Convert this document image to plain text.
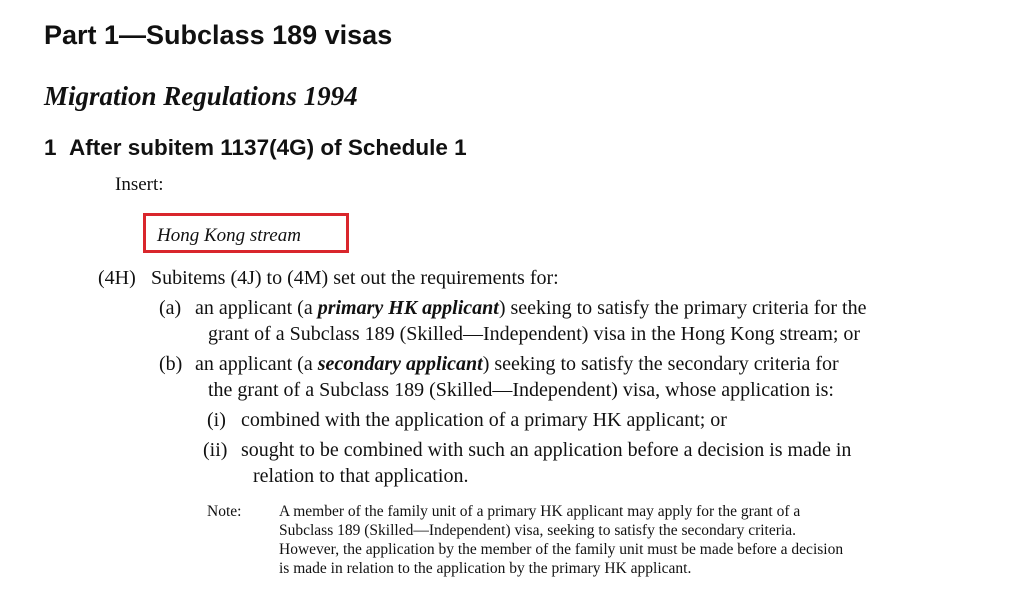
Part 1—Subclass 189 visas
Migration Regulations 1994
1 After subitem 1137(4G) of Schedule 1
Insert:
Hong Kong stream
(4H) Subitems (4J) to (4M) set out the requirements for:
(a) an applicant (a primary HK applicant) seeking to satisfy the primary criteria for the
grant of a Subclass 189 (Skilled—Independent) visa in the Hong Kong stream; or
(b) an applicant (a secondary applicant) seeking to satisfy the secondary criteria for
the grant of a Subclass 189 (Skilled—Independent) visa, whose application is:
(i) combined with the application of a primary HK applicant; or
(ii) sought to be combined with such an application before a decision is made in
relation to that application.
Note: A member of the family unit of a primary HK applicant may apply for the grant of a
Subclass 189 (Skilled—Independent) visa, seeking to satisfy the secondary criteria.
However, the application by the member of the family unit must be made before a decision
is made in relation to the application by the primary HK applicant.
